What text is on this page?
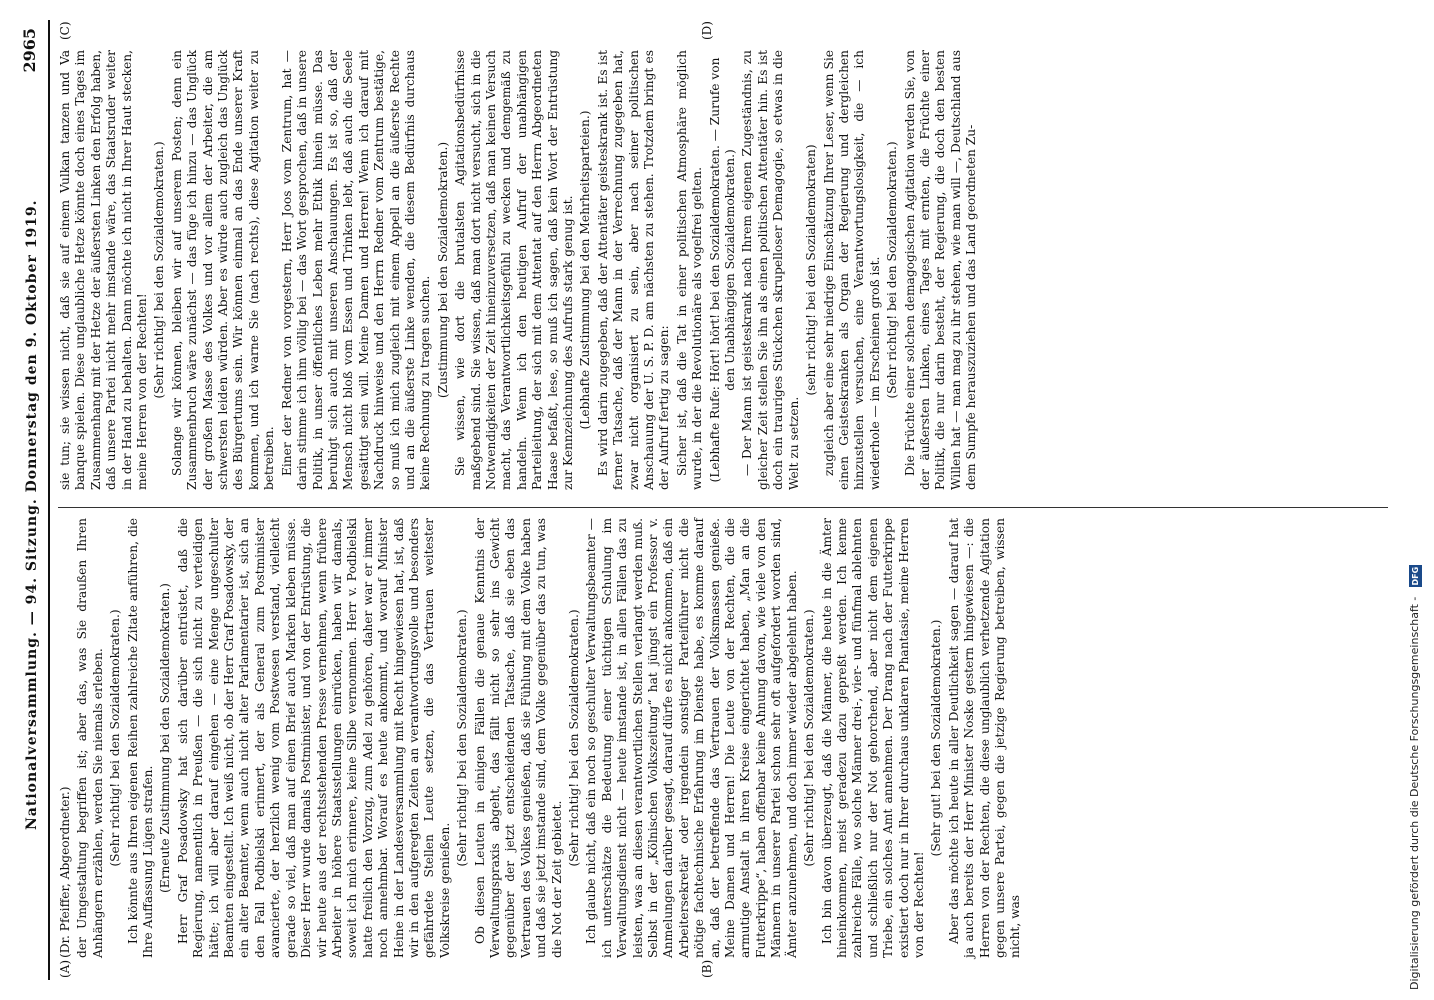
Nationalversammlung. — 94. Sitzung. Donnerstag den 9. Oktober 1919.
2965
(A)	(B)
(C)	(D)

(Dr. Pfeiffer, Abgeordneter.) der Umgestaltung begriffen ist; aber das, was Sie draußen Ihren Anhängern erzählen, werden Sie niemals erleben. (Sehr richtig! bei den Sozialdemokraten.) Ich könnte aus Ihren eigenen Reihen zahlreiche Zitate anführen, die Ihre Auffassung Lügen strafen. (Erneute Zustimmung bei den Sozialdemokraten.) Herr Graf Posadowsky hat sich darüber entrüstet, daß die Regierung, namentlich in Preußen — die sich nicht zu verteidigen hätte; ich will aber darauf eingehen — eine Menge ungeschulter Beamten eingestellt. Ich weiß nicht, ob der Herr Graf Posadowsky, der ein alter Beamter, wenn auch nicht alter Parlamentarier ist, sich an den Fall Podbielski erinnert, der als General zum Postminister avancierte, der herzlich wenig vom Postwesen verstand, vielleicht gerade so viel, daß man auf einen Brief auch Marken kleben müsse. Dieser Herr wurde damals Postminister, und von der Entrüstung, die wir heute aus der rechtsstehenden Presse vernehmen, wenn frühere Arbeiter in höhere Staatsstellungen einrücken, haben wir damals, soweit ich mich erinnere, keine Silbe vernommen. Herr v. Podbielski hatte freilich den Vorzug, zum Adel zu gehören, daher war er immer noch annehmbar. Worauf es heute ankommt, und worauf Minister Heine in der Landesversammlung mit Recht hingewiesen hat, ist, daß wir in den aufgeregten Zeiten an verantwortungsvolle und besonders gefährdete Stellen Leute setzen, die das Vertrauen weitester Volkskreise genießen.

(Sehr richtig! bei den Sozialdemokraten.) Ob diesen Leuten in einigen Fällen die genaue Kenntnis der Verwaltungspraxis abgeht, das fällt nicht so sehr ins Gewicht gegenüber der jetzt entscheidenden Tatsache, daß sie eben das Vertrauen des Volkes genießen, daß sie Fühlung mit dem Volke haben und daß sie jetzt imstande sind, dem Volke gegenüber das zu tun, was die Not der Zeit gebietet.

(Sehr richtig! bei den Sozialdemokraten.) Ich glaube nicht, daß ein noch so geschulter Verwaltungsbeamter — ich unterschätze die Bedeutung einer tüchtigen Schulung im Verwaltungsdienst nicht — heute imstande ist, in allen Fällen das zu leisten, was an diesen verantwortlichen Stellen verlangt werden muß. Selbst in der „Kölnischen Volkszeitung“ hat jüngst ein Professor v. Anmelungen darüber gesagt, darauf dürfe es nicht ankommen, daß ein Arbeitersekretär oder irgendein sonstiger Parteiführer nicht die nötige fachtechnische Erfahrung im Dienste habe, es komme darauf an, daß der betreffende das Vertrauen der Volksmassen genieße. Meine Damen und Herren! Die Leute von der Rechten, die die armutige Anstalt in ihren Kreise eingerichtet haben, „Man an die Futterkrippe“, haben offenbar keine Ahnung davon, wie viele von den Männern in unserer Partei schon sehr oft aufgefordert worden sind, Ämter anzunehmen, und doch immer wieder abgelehnt haben. (Sehr richtig! bei den Sozialdemokraten.) Ich bin davon überzeugt, daß die Männer, die heute in die Ämter hineinkommen, meist geradezu dazu gepreßt werden. Ich kenne zahlreiche Fälle, wo solche Männer drei-, vier- und fünfmal ablehnten und schließlich nur der Not gehorchend, aber nicht dem eigenen Triebe, ein solches Amt annehmen. Der Drang nach der Futterkrippe existiert doch nur in Ihrer durchaus unklaren Phantasie, meine Herren von der Rechten!

(Sehr gut! bei den Sozialdemokraten.) Aber das möchte ich heute in aller Deutlichkeit sagen — darauf hat ja auch bereits der Herr Minister Noske gestern hingewiesen —: die Herren von der Rechten, die diese unglaublich verhetzende Agitation gegen unsere Partei, gegen die jetzige Regierung betreiben, wissen nicht, was

sie tun; sie wissen nicht, daß sie auf einem Vulkan tanzen und Va banque spielen. Diese unglaubliche Hetze könnte doch eines Tages im Zusammenhang mit der Hetze der äußersten Linken den Erfolg haben, daß unsere Partei nicht mehr imstande wäre, das Staatsruder weiter in der Hand zu behalten. Dann möchte ich nicht in Ihrer Haut stecken, meine Herren von der Rechten! (Sehr richtig! bei den Sozialdemokraten.) Solange wir können, bleiben wir auf unserem Posten; denn ein Zusammenbruch wäre zunächst — das füge ich hinzu — das Unglück der großen Masse des Volkes und vor allem der Arbeiter, die am schwersten leiden würden. Aber es würde auch zugleich das Unglück des Bürgertums sein. Wir können einmal an das Ende unserer Kraft kommen, und ich warne Sie (nach rechts), diese Agitation weiter zu betreiben. Einer der Redner von vorgestern, Herr Joos vom Zentrum, hat — darin stimme ich ihm völlig bei — das Wort gesprochen, daß in unsere Politik, in unser öffentliches Leben mehr Ethik hinein müsse. Das beruhigt sich auch mit unseren Anschauungen. Es ist so, daß der Mensch nicht bloß vom Essen und Trinken lebt, daß auch die Seele gesättigt sein will. Meine Damen und Herren! Wenn ich darauf mit Nachdruck hinweise und den Herrn Redner vom Zentrum bestätige, so muß ich mich zugleich mit einem Appell an die äußerste Rechte und an die äußerste Linke wenden, die diesem Bedürfnis durchaus keine Rechnung zu tragen suchen. (Zustimmung bei den Sozialdemokraten.) Sie wissen, wie dort die brutalsten Agitationsbedürfnisse maßgebend sind. Sie wissen, daß man dort nicht versucht, sich in die Notwendigkeiten der Zeit hineinzuversetzen, daß man keinen Versuch macht, das Verantwortlichkeitsgefühl zu wecken und demgemäß zu handeln. Wenn ich den heutigen Aufruf der unabhängigen Parteileitung, der sich mit dem Attentat auf den Herrn Abgeordneten Haase befaßt, lese, so muß ich sagen, daß kein Wort der Entrüstung zur Kennzeichnung des Aufrufs stark genug ist. (Lebhafte Zustimmung bei den Mehrheitsparteien.) Es wird darin zugegeben, daß der Attentäter geisteskrank ist. Es ist ferner Tatsache, daß der Mann in der Verrechnung zugegeben hat, zwar nicht organisiert zu sein, aber nach seiner politischen Anschauung der U. S. P. D. am nächsten zu stehen. Trotzdem bringt es der Aufruf fertig zu sagen: Sicher ist, daß die Tat in einer politischen Atmosphäre möglich wurde, in der die Revolutionäre als vogelfrei gelten. (Lebhafte Rufe: Hört! hört! bei den Sozialdemokraten. — Zurufe von den Unabhängigen Sozialdemokraten.) — Der Mann ist geisteskrank nach Ihrem eigenen Zugeständnis, zu gleicher Zeit stellen Sie ihn als einen politischen Attentäter hin. Es ist doch ein trauriges Stückchen skrupelloser Demagogie, so etwas in die Welt zu setzen.

(sehr richtig! bei den Sozialdemokraten) zugleich aber eine sehr niedrige Einschätzung Ihrer Leser, wenn Sie einen Geisteskranken als Organ der Regierung und dergleichen hinzustellen versuchen, eine Verantwortungslosigkeit, die — ich wiederhole — im Erscheinen groß ist. (Sehr richtig! bei den Sozialdemokraten.) Die Früchte einer solchen demagogischen Agitation werden Sie, von der äußersten Linken, eines Tages mit ernten, die Früchte einer Politik, die nur darin besteht, der Regierung, die doch den besten Willen hat — man mag zu ihr stehen, wie man will —, Deutschland aus dem Sumpfe herauszuziehen und das Land geordneten Zu-

Digitalisierung gefördert durch die Deutsche Forschungsgemeinschaft - DFG
